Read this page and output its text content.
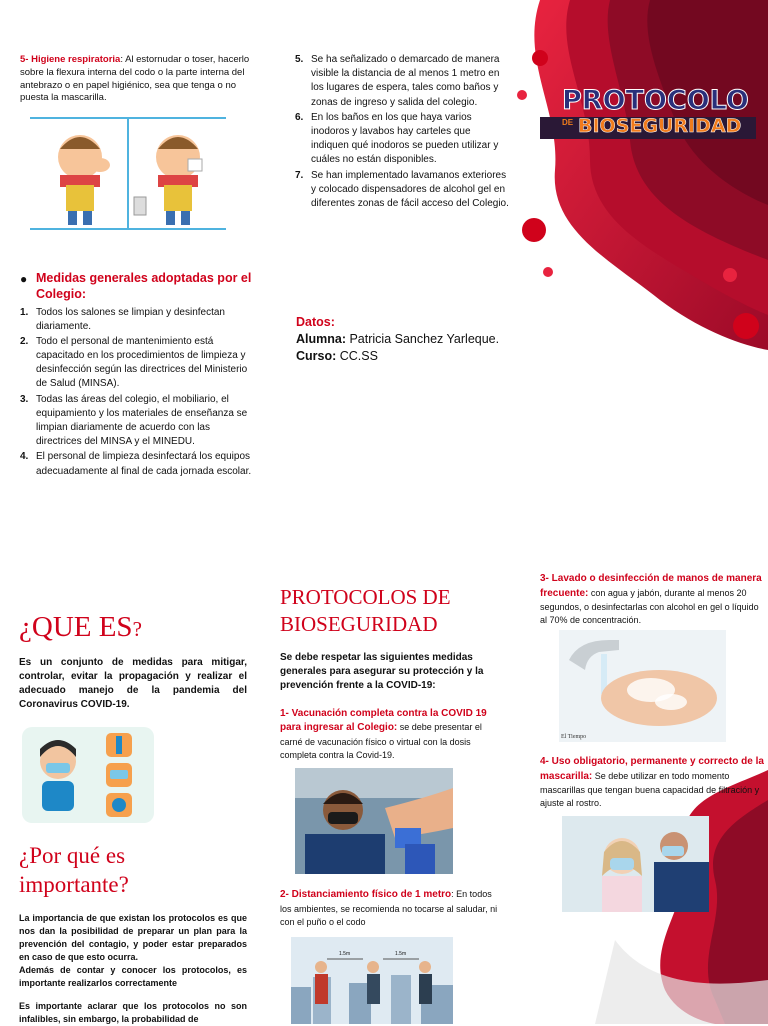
PROTOCOLO
DE BIOSEGURIDAD

5- Higiene respiratoria: Al estornudar o toser, hacerlo sobre la flexura interna del codo o la parte interna del antebrazo o en papel higiénico, sea que tenga o no puesta la mascarilla.

● Medidas generales adoptadas por el Colegio:
1. Todos los salones se limpian y desinfectan diariamente.
2. Todo el personal de mantenimiento está capacitado en los procedimientos de limpieza y desinfección según las directrices del Ministerio de Salud (MINSA).
3. Todas las áreas del colegio, el mobiliario, el equipamiento y los materiales de enseñanza se limpian diariamente de acuerdo con las directrices del MINSA y el MINEDU.
4. El personal de limpieza desinfectará los equipos adecuadamente al final de cada jornada escolar.
5. Se ha señalizado o demarcado de manera visible la distancia de al menos 1 metro en los lugares de espera, tales como baños y zonas de ingreso y salida del colegio.
6. En los baños en los que haya varios inodoros y lavabos hay carteles que indiquen qué inodoros se pueden utilizar y cuáles no están disponibles.
7. Se han implementado lavamanos exteriores y colocado dispensadores de alcohol gel en diferentes zonas de fácil acceso del Colegio.
Datos:
Alumna: Patricia Sanchez Yarleque.
Curso: CC.SS
¿QUE ES?

Es un conjunto de medidas para mitigar, controlar, evitar la propagación y realizar el adecuado manejo de la pandemia del Coronavirus COVID-19.

¿Por qué es importante?

La importancia de que existan los protocolos es que nos dan la posibilidad de preparar un plan para la prevención del contagio, y poder estar preparados en caso de que esto ocurra.

Además de contar y conocer los protocolos, es importante realizarlos correctamente

Es importante aclarar que los protocolos no son infalibles, sin embargo, la probabilidad de

PROTOCOLOS DE BIOSEGURIDAD

Se debe respetar las siguientes medidas generales para asegurar su protección y la prevención frente a la COVID-19:

1- Vacunación completa contra la COVID 19 para ingresar al Colegio: se debe presentar el carné de vacunación físico o virtual con la dosis completa contra la Covid-19.

2- Distanciamiento físico de 1 metro: En todos los ambientes, se recomienda no tocarse al saludar, ni con el puño o el codo

1.5m	1.5m

3- Lavado o desinfección de manos de manera frecuente: con agua y jabón, durante al menos 20 segundos, o desinfectarlas con alcohol en gel o líquido al 70% de concentración.

El Tiempo

4- Uso obligatorio, permanente y correcto de la mascarilla: Se debe utilizar en todo momento mascarillas que tengan buena capacidad de filtración y ajuste al rostro.
